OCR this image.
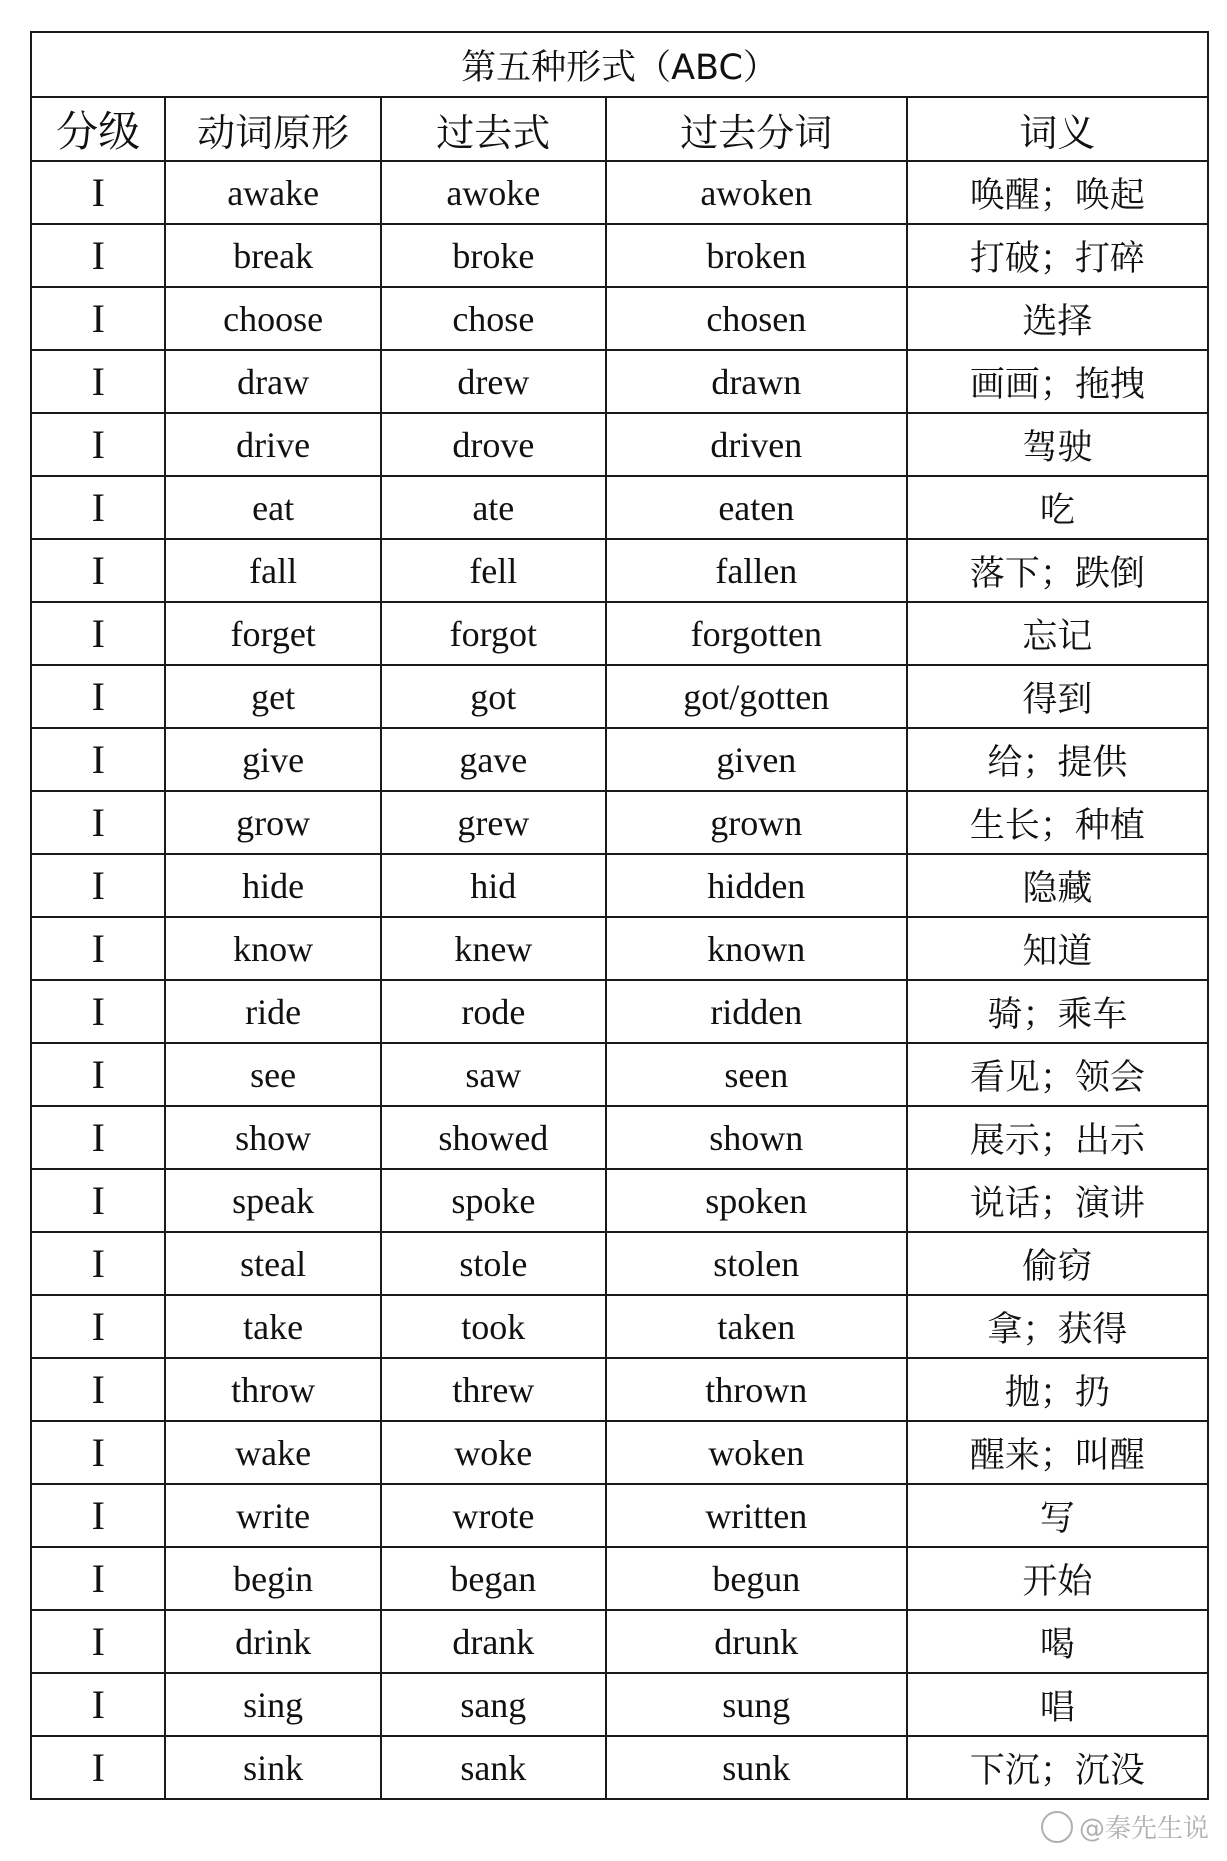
第五种形式（ABC）				
分级	动词原形	过去式	过去分词	词义
I	awake	awoke	awoken	唤醒；唤起
I	break	broke	broken	打破；打碎
I	choose	chose	chosen	选择
I	draw	drew	drawn	画画；拖拽
I	drive	drove	driven	驾驶
I	eat	ate	eaten	吃
I	fall	fell	fallen	落下；跌倒
I	forget	forgot	forgotten	忘记
I	get	got	got/gotten	得到
I	give	gave	given	给；提供
I	grow	grew	grown	生长；种植
I	hide	hid	hidden	隐藏
I	know	knew	known	知道
I	ride	rode	ridden	骑；乘车
I	see	saw	seen	看见；领会
I	show	showed	shown	展示；出示
I	speak	spoke	spoken	说话；演讲
I	steal	stole	stolen	偷窃
I	take	took	taken	拿；获得
I	throw	threw	thrown	抛；扔
I	wake	woke	woken	醒来；叫醒
I	write	wrote	written	写
I	begin	began	begun	开始
I	drink	drank	drunk	喝
I	sing	sang	sung	唱
I	sink	sank	sunk	下沉；沉没
@秦先生说
